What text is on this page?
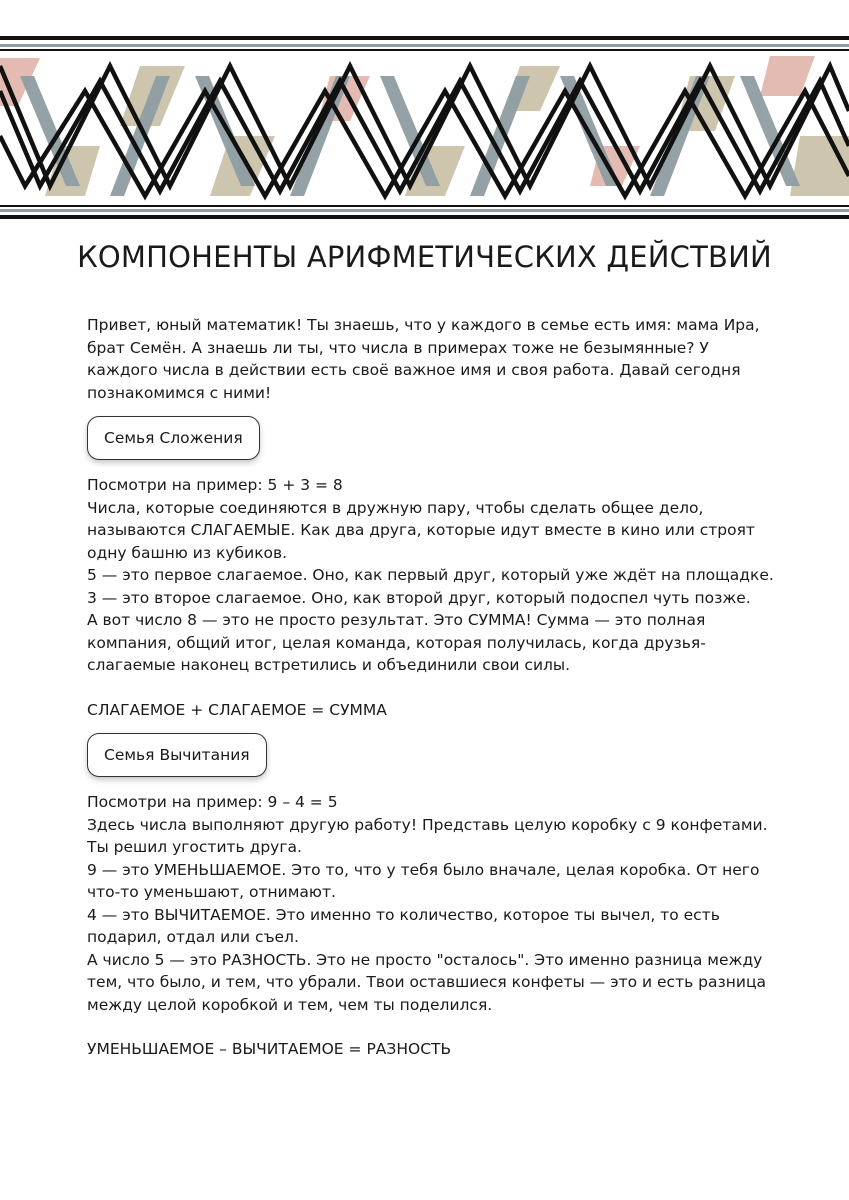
КОМПОНЕНТЫ АРИФМЕТИЧЕСКИХ ДЕЙСТВИЙ

Привет, юный математик! Ты знаешь, что у каждого в семье есть имя: мама Ира, брат Семён. А знаешь ли ты, что числа в примерах тоже не безымянные? У каждого числа в действии есть своё важное имя и своя работа. Давай сегодня познакомимся с ними!

Семья Сложения

Посмотри на пример: 5 + 3 = 8

Числа, которые соединяются в дружную пару, чтобы сделать общее дело, называются СЛАГАЕМЫЕ. Как два друга, которые идут вместе в кино или строят одну башню из кубиков.

5 — это первое слагаемое. Оно, как первый друг, который уже ждёт на площадке.

3 — это второе слагаемое. Оно, как второй друг, который подоспел чуть позже.

А вот число 8 — это не просто результат. Это СУММА! Сумма — это полная компания, общий итог, целая команда, которая получилась, когда друзья-слагаемые наконец встретились и объединили свои силы.

СЛАГАЕМОЕ + СЛАГАЕМОЕ = СУММА

Семья Вычитания

Посмотри на пример: 9 – 4 = 5

Здесь числа выполняют другую работу! Представь целую коробку с 9 конфетами. Ты решил угостить друга.

9 — это УМЕНЬШАЕМОЕ. Это то, что у тебя было вначале, целая коробка. От него что-то уменьшают, отнимают.

4 — это ВЫЧИТАЕМОЕ. Это именно то количество, которое ты вычел, то есть подарил, отдал или съел.

А число 5 — это РАЗНОСТЬ. Это не просто "осталось". Это именно разница между тем, что было, и тем, что убрали. Твои оставшиеся конфеты — это и есть разница между целой коробкой и тем, чем ты поделился.

УМЕНЬШАЕМОЕ – ВЫЧИТАЕМОЕ = РАЗНОСТЬ
